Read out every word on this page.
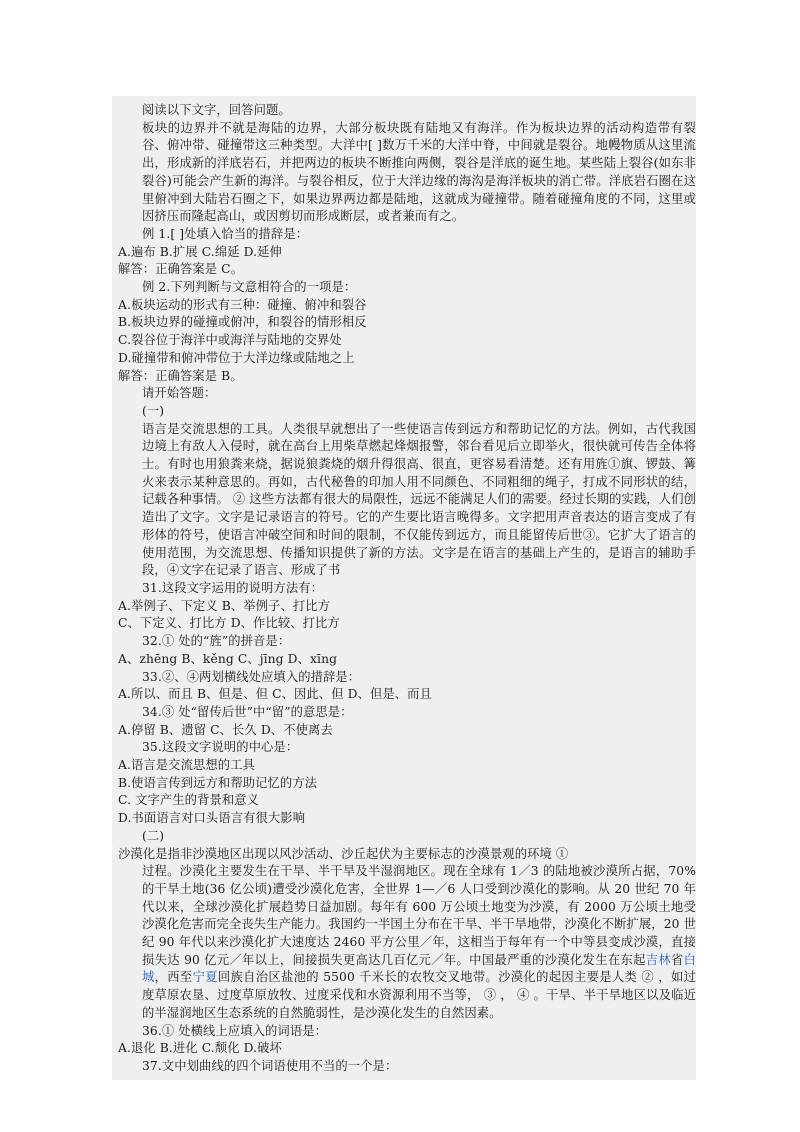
阅读以下文字，回答问题。
板块的边界并不就是海陆的边界，大部分板块既有陆地又有海洋。作为板块边界的活动构造带有裂谷、俯冲带、碰撞带这三种类型。大洋中[ ]数万千米的大洋中脊，中间就是裂谷。地幔物质从这里流出，形成新的洋底岩石，并把两边的板块不断推向两侧，裂谷是洋底的诞生地。某些陆上裂谷(如东非裂谷)可能会产生新的海洋。与裂谷相反，位于大洋边缘的海沟是海洋板块的消亡带。洋底岩石圈在这里俯冲到大陆岩石圈之下，如果边界两边都是陆地，这就成为碰撞带。随着碰撞角度的不同，这里或因挤压而隆起高山，或因剪切而形成断层，或者兼而有之。
例 1.[ ]处填入恰当的措辞是：
A.遍布 B.扩展 C.绵延 D.延伸
解答：正确答案是 C。
例 2.下列判断与文意相符合的一项是：
A.板块运动的形式有三种：碰撞、俯冲和裂谷
B.板块边界的碰撞或俯冲，和裂谷的情形相反
C.裂谷位于海洋中或海洋与陆地的交界处
D.碰撞带和俯冲带位于大洋边缘或陆地之上
解答：正确答案是 B。
请开始答题：
(一)
语言是交流思想的工具。人类很早就想出了一些使语言传到远方和帮助记忆的方法。例如，古代我国边境上有敌人入侵时，就在高台上用柴草燃起烽烟报警，邻台看见后立即举火，很快就可传告全体将士。有时也用狼粪来烧，据说狼粪烧的烟升得很高、很直，更容易看清楚。还有用旌①旗、锣鼓、篝火来表示某种意思的。再如，古代秘鲁的印加人用不同颜色、不同粗细的绳子，打成不同形状的结，记载各种事情。 ② 这些方法都有很大的局限性，远远不能满足人们的需要。经过长期的实践，人们创造出了文字。文字是记录语言的符号。它的产生要比语言晚得多。文字把用声音表达的语言变成了有形体的符号，使语言冲破空间和时间的限制，不仅能传到远方，而且能留传后世③。它扩大了语言的使用范围，为交流思想、传播知识提供了新的方法。文字是在语言的基础上产生的，是语言的辅助手段，④文字在记录了语言、形成了书
31.这段文字运用的说明方法有：
A.举例子、下定义 B、举例子、打比方
C、下定义、打比方 D、作比较、打比方
32.① 处的“旌”的拼音是：
A、zhēng B、kěng C、jīng D、xīng
33.②、④两划横线处应填入的措辞是：
A.所以、而且 B、但是、但 C、因此、但 D、但是、而且
34.③ 处“留传后世”中“留”的意思是：
A.停留 B、遗留 C、长久 D、不使离去
35.这段文字说明的中心是：
A.语言是交流思想的工具
B.使语言传到远方和帮助记忆的方法
C. 文字产生的背景和意义
D.书面语言对口头语言有很大影响
(二)
沙漠化是指非沙漠地区出现以风沙活动、沙丘起伏为主要标志的沙漠景观的环境 ①
过程。沙漠化主要发生在干旱、半干旱及半湿润地区。现在全球有 1／3 的陆地被沙漠所占据，70%的干旱土地(36 亿公顷)遭受沙漠化危害，全世界 1—／6 人口受到沙漠化的影响。从 20 世纪 70 年代以来，全球沙漠化扩展趋势日益加剧。每年有 600 万公顷土地变为沙漠，有 2000 万公顷土地受沙漠化危害而完全丧失生产能力。我国约一半国土分布在干旱、半干旱地带，沙漠化不断扩展，20 世纪 90 年代以来沙漠化扩大速度达 2460 平方公里／年，这相当于每年有一个中等县变成沙漠，直接损失达 90 亿元／年以上，间接损失更高达几百亿元／年。中国最严重的沙漠化发生在东起吉林省白城，西至宁夏回族自治区盐池的 5500 千米长的农牧交叉地带。沙漠化的起因主要是人类 ② ，如过度草原农垦、过度草原放牧、过度采伐和水资源利用不当等， ③ ， ④ 。干旱、半干旱地区以及临近的半湿润地区生态系统的自然脆弱性，是沙漠化发生的自然因素。
36.① 处横线上应填入的词语是：
A.退化 B.进化 C.颓化 D.破坏
37.文中划曲线的四个词语使用不当的一个是：
